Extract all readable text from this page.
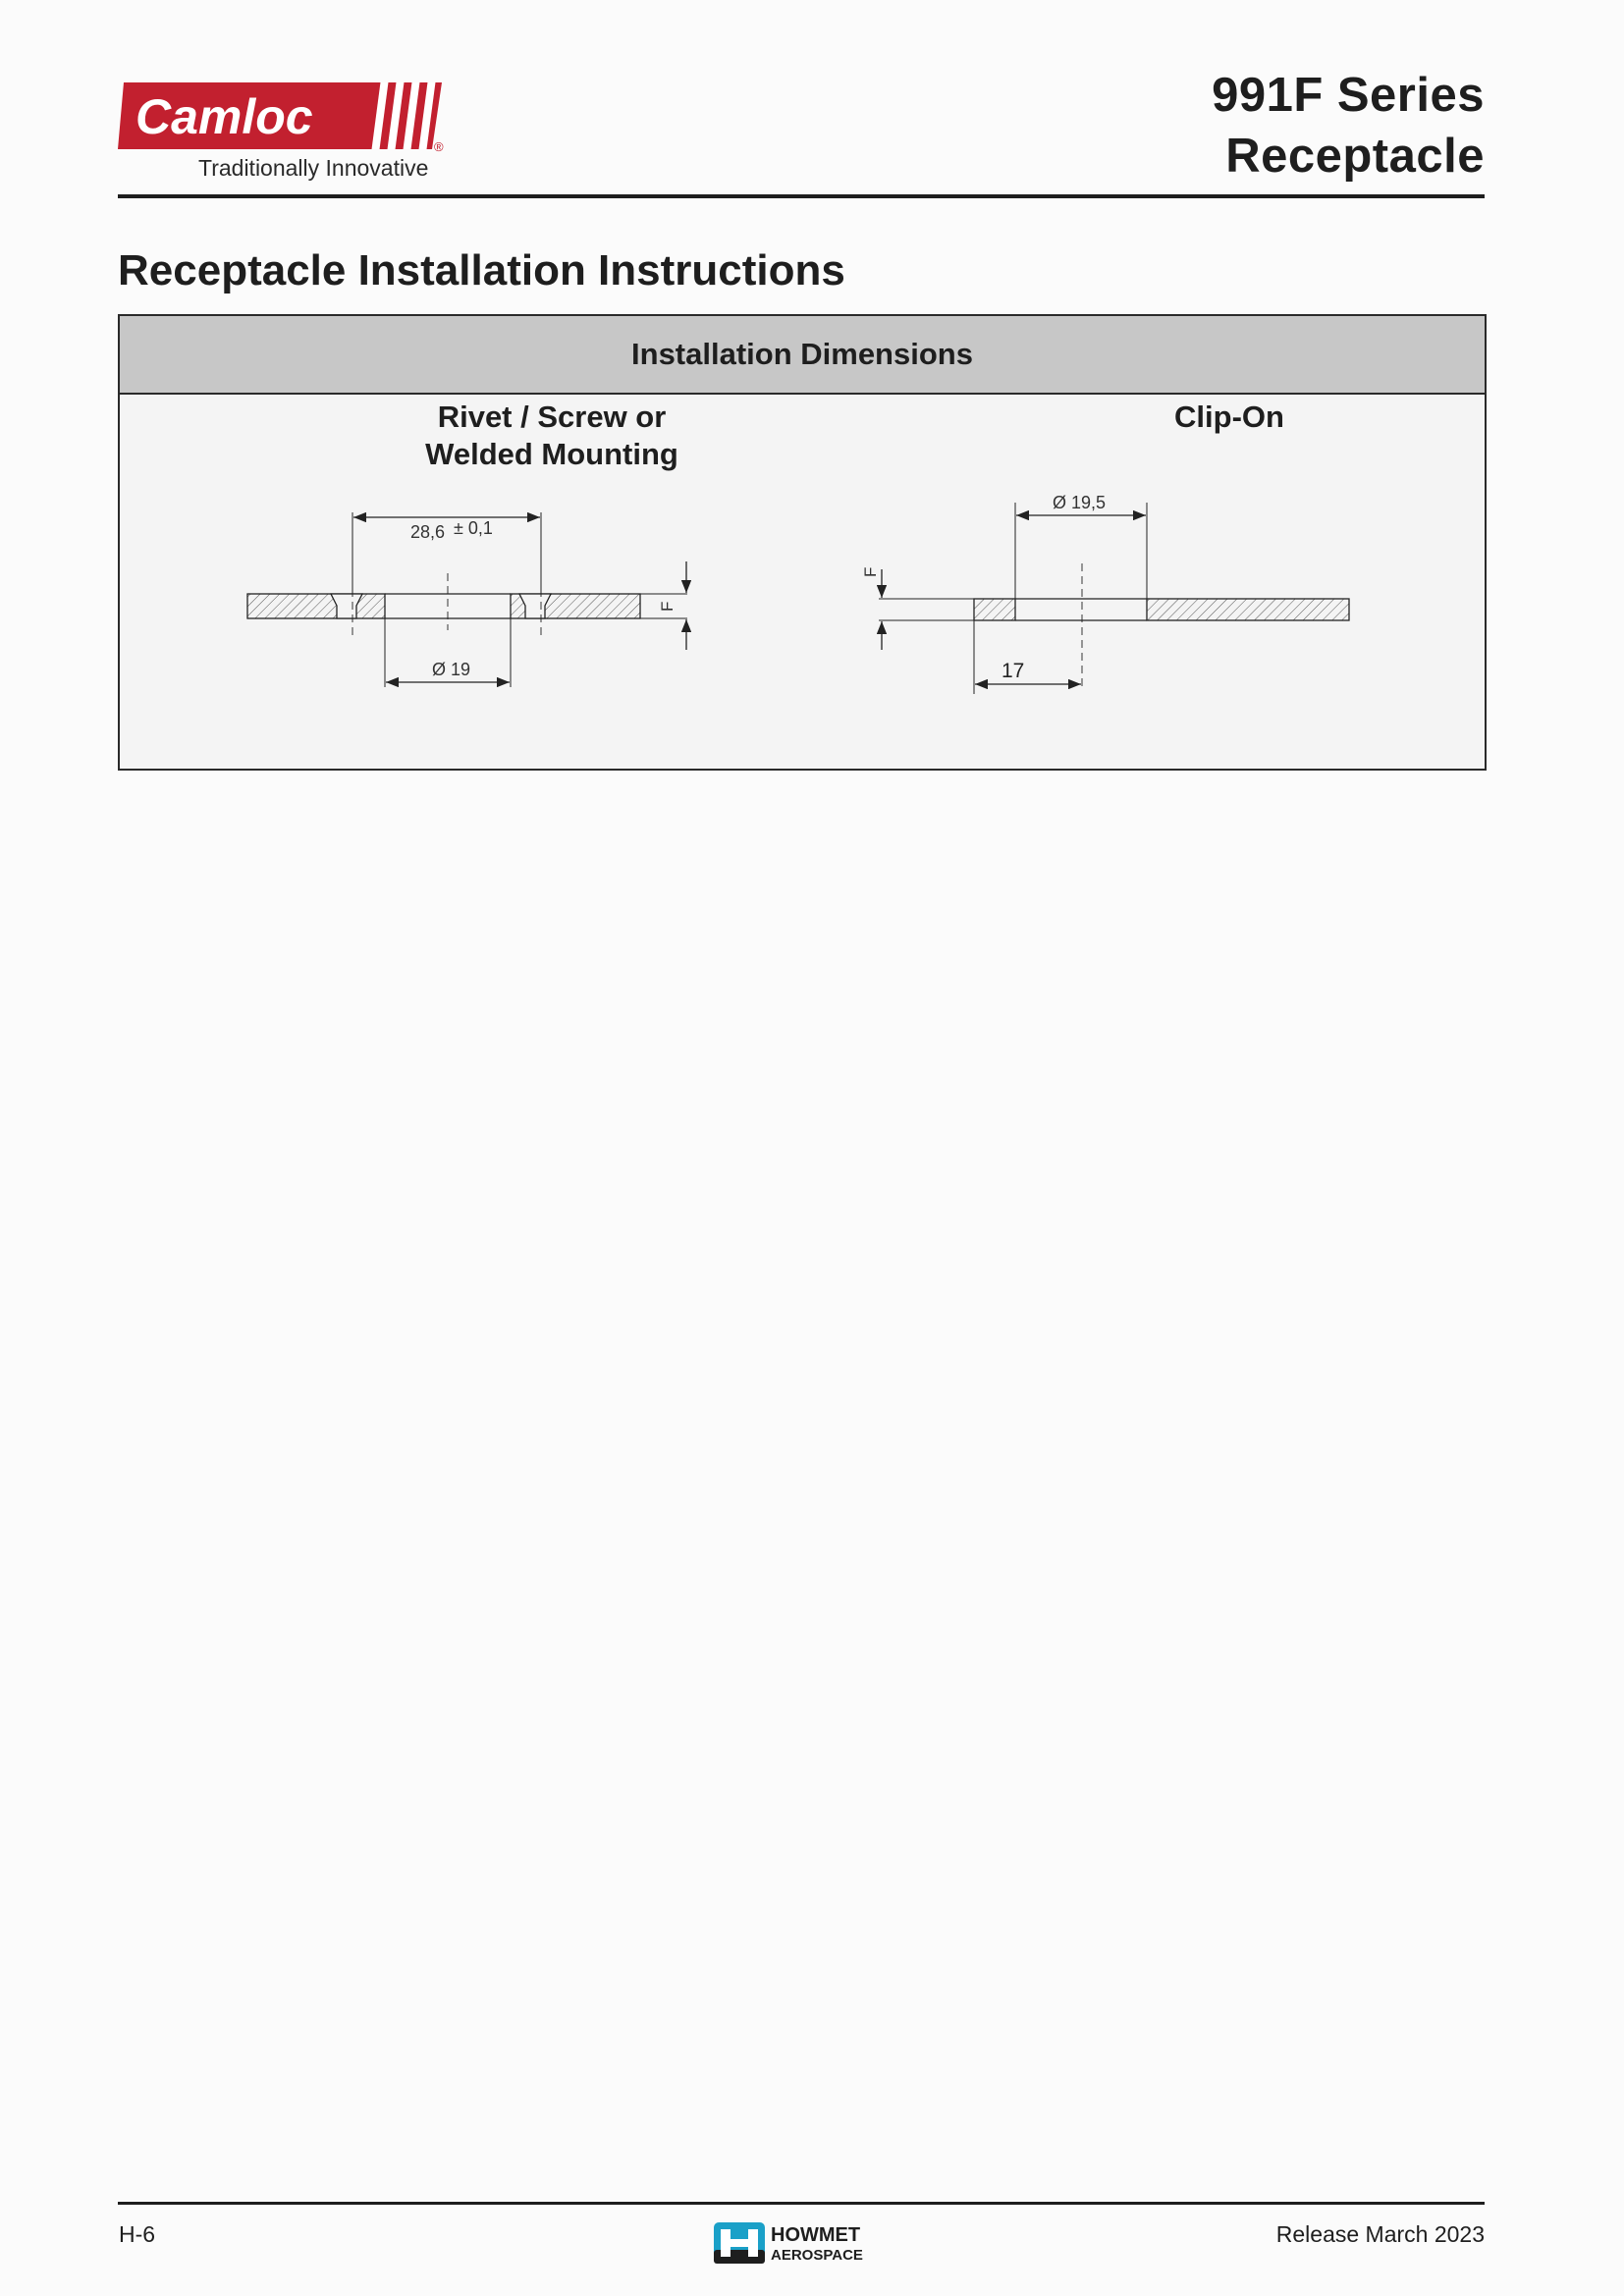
Camloc
®
Traditionally Innovative
991F Series
Receptacle
Receptacle Installation Instructions
Installation Dimensions
Rivet / Screw or
Welded Mounting
Clip-On
28,6 ± 0,1
Ø 19
F
Ø 19,5
17
F
H-6	HOWMET
AEROSPACE
Release March 2023
